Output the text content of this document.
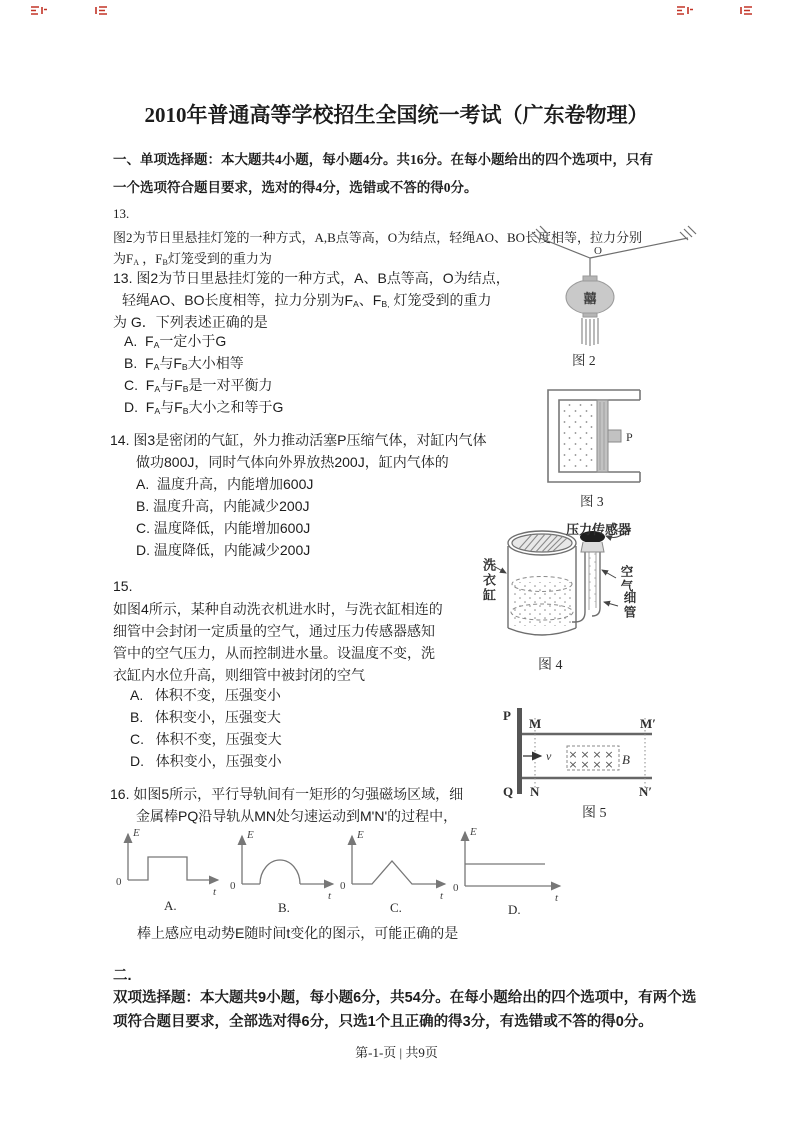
2010年普通高等学校招生全国统一考试（广东卷物理）
一、单项选择题：本大题共4小题，每小题4分。共16分。在每小题给出的四个选项中，只有
一个选项符合题目要求，选对的得4分，选错或不答的得0分。
13.
图2为节日里悬挂灯笼的一种方式，A,B点等高，O为结点，轻绳AO、BO长度相等，拉力分别
为$F_A$ ，$F_B$灯笼受到的重力为
13. 图2为节日里悬挂灯笼的一种方式，A、B点等高，O为结点，
轻绳AO、BO长度相等，拉力分别为$F_A$、$F_{B,}$ 灯笼受到的重力
为 G．下列表述正确的是
A.  $F_A$一定小于G
B.  $F_A$与$F_B$大小相等
C.  $F_A$与$F_B$是一对平衡力
D.  $F_A$与$F_B$大小之和等于G
O
囍
图 2
14. 图3是密闭的气缸，外力推动活塞P压缩气体，对缸内气体
做功800J，同时气体向外界放热200J，缸内气体的
A.  温度升高，内能增加600J
B. 温度升高，内能减少200J
C. 温度降低，内能增加600J
D. 温度降低，内能减少200J
P
图 3
15.
如图4所示，某种自动洗衣机进水时，与洗衣缸相连的
细管中会封闭一定质量的空气，通过压力传感器感知
管中的空气压力，从而控制进水量。设温度不变，洗
衣缸内水位升高，则细管中被封闭的空气
A.   体积不变，压强变小
B.   体积变小，压强变大
C.   体积不变，压强变大
D.   体积变小，压强变小
压力传感器
洗衣缸	空气
细管
图 4
16. 如图5所示，平行导轨间有一矩形的匀强磁场区域，细
金属棒PQ沿导轨从MN处匀速运动到M'N'的过程中，
v × × × ×
× × × × B
P
Q
M	M′
N	N′
图 5
E
0
t
A.
E
0
t
B.
E
0
t
C.
E
0
t
D.
棒上感应电动势E随时间t变化的图示，可能正确的是
二.
双项选择题：本大题共9小题，每小题6分，共54分。在每小题给出的四个选项中，有两个选
项符合题目要求，全部选对得6分，只选1个且正确的得3分，有选错或不答的得0分。
第-1-页 | 共9页
